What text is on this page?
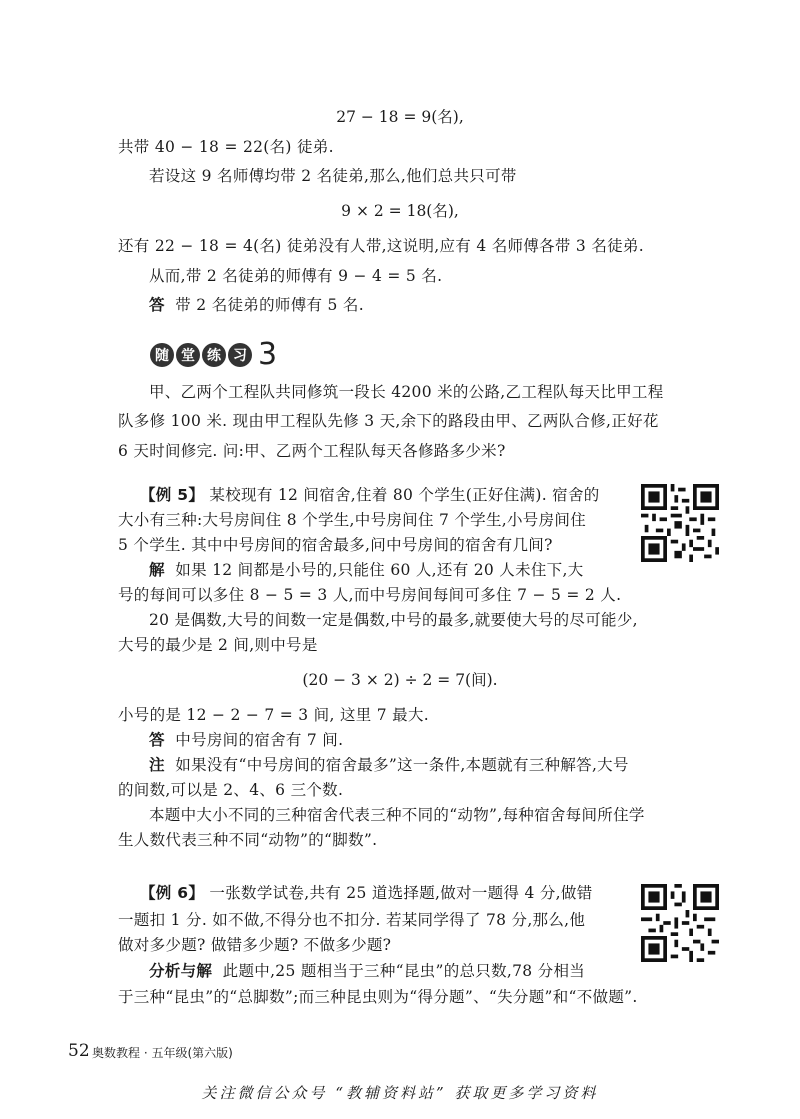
27 − 18 = 9(名),
共带 40 − 18 = 22(名) 徒弟.
若设这 9 名师傅均带 2 名徒弟,那么,他们总共只可带
9 × 2 = 18(名),
还有 22 − 18 = 4(名) 徒弟没有人带,这说明,应有 4 名师傅各带 3 名徒弟.
从而,带 2 名徒弟的师傅有 9 − 4 = 5 名.
答 带 2 名徒弟的师傅有 5 名.
随 堂 练 习 3
甲、乙两个工程队共同修筑一段长 4200 米的公路,乙工程队每天比甲工程
队多修 100 米. 现由甲工程队先修 3 天,余下的路段由甲、乙两队合修,正好花
6 天时间修完. 问:甲、乙两个工程队每天各修路多少米?
【例 5】 某校现有 12 间宿舍,住着 80 个学生(正好住满). 宿舍的
大小有三种:大号房间住 8 个学生,中号房间住 7 个学生,小号房间住
5 个学生. 其中中号房间的宿舍最多,问中号房间的宿舍有几间?
解 如果 12 间都是小号的,只能住 60 人,还有 20 人未住下,大
号的每间可以多住 8 − 5 = 3 人,而中号房间每间可多住 7 − 5 = 2 人.
20 是偶数,大号的间数一定是偶数,中号的最多,就要使大号的尽可能少,
大号的最少是 2 间,则中号是
(20 − 3 × 2) ÷ 2 = 7(间).
小号的是 12 − 2 − 7 = 3 间, 这里 7 最大.
答 中号房间的宿舍有 7 间.
注 如果没有“中号房间的宿舍最多”这一条件,本题就有三种解答,大号
的间数,可以是 2、4、6 三个数.
本题中大小不同的三种宿舍代表三种不同的“动物”,每种宿舍每间所住学
生人数代表三种不同“动物”的“脚数”.
【例 6】 一张数学试卷,共有 25 道选择题,做对一题得 4 分,做错
一题扣 1 分. 如不做,不得分也不扣分. 若某同学得了 78 分,那么,他
做对多少题? 做错多少题? 不做多少题?
分析与解 此题中,25 题相当于三种“昆虫”的总只数,78 分相当
于三种“昆虫”的“总脚数”;而三种昆虫则为“得分题”、“失分题”和“不做题”.
52 奥数教程 · 五年级(第六版)
关注微信公众号 “教辅资料站” 获取更多学习资料
